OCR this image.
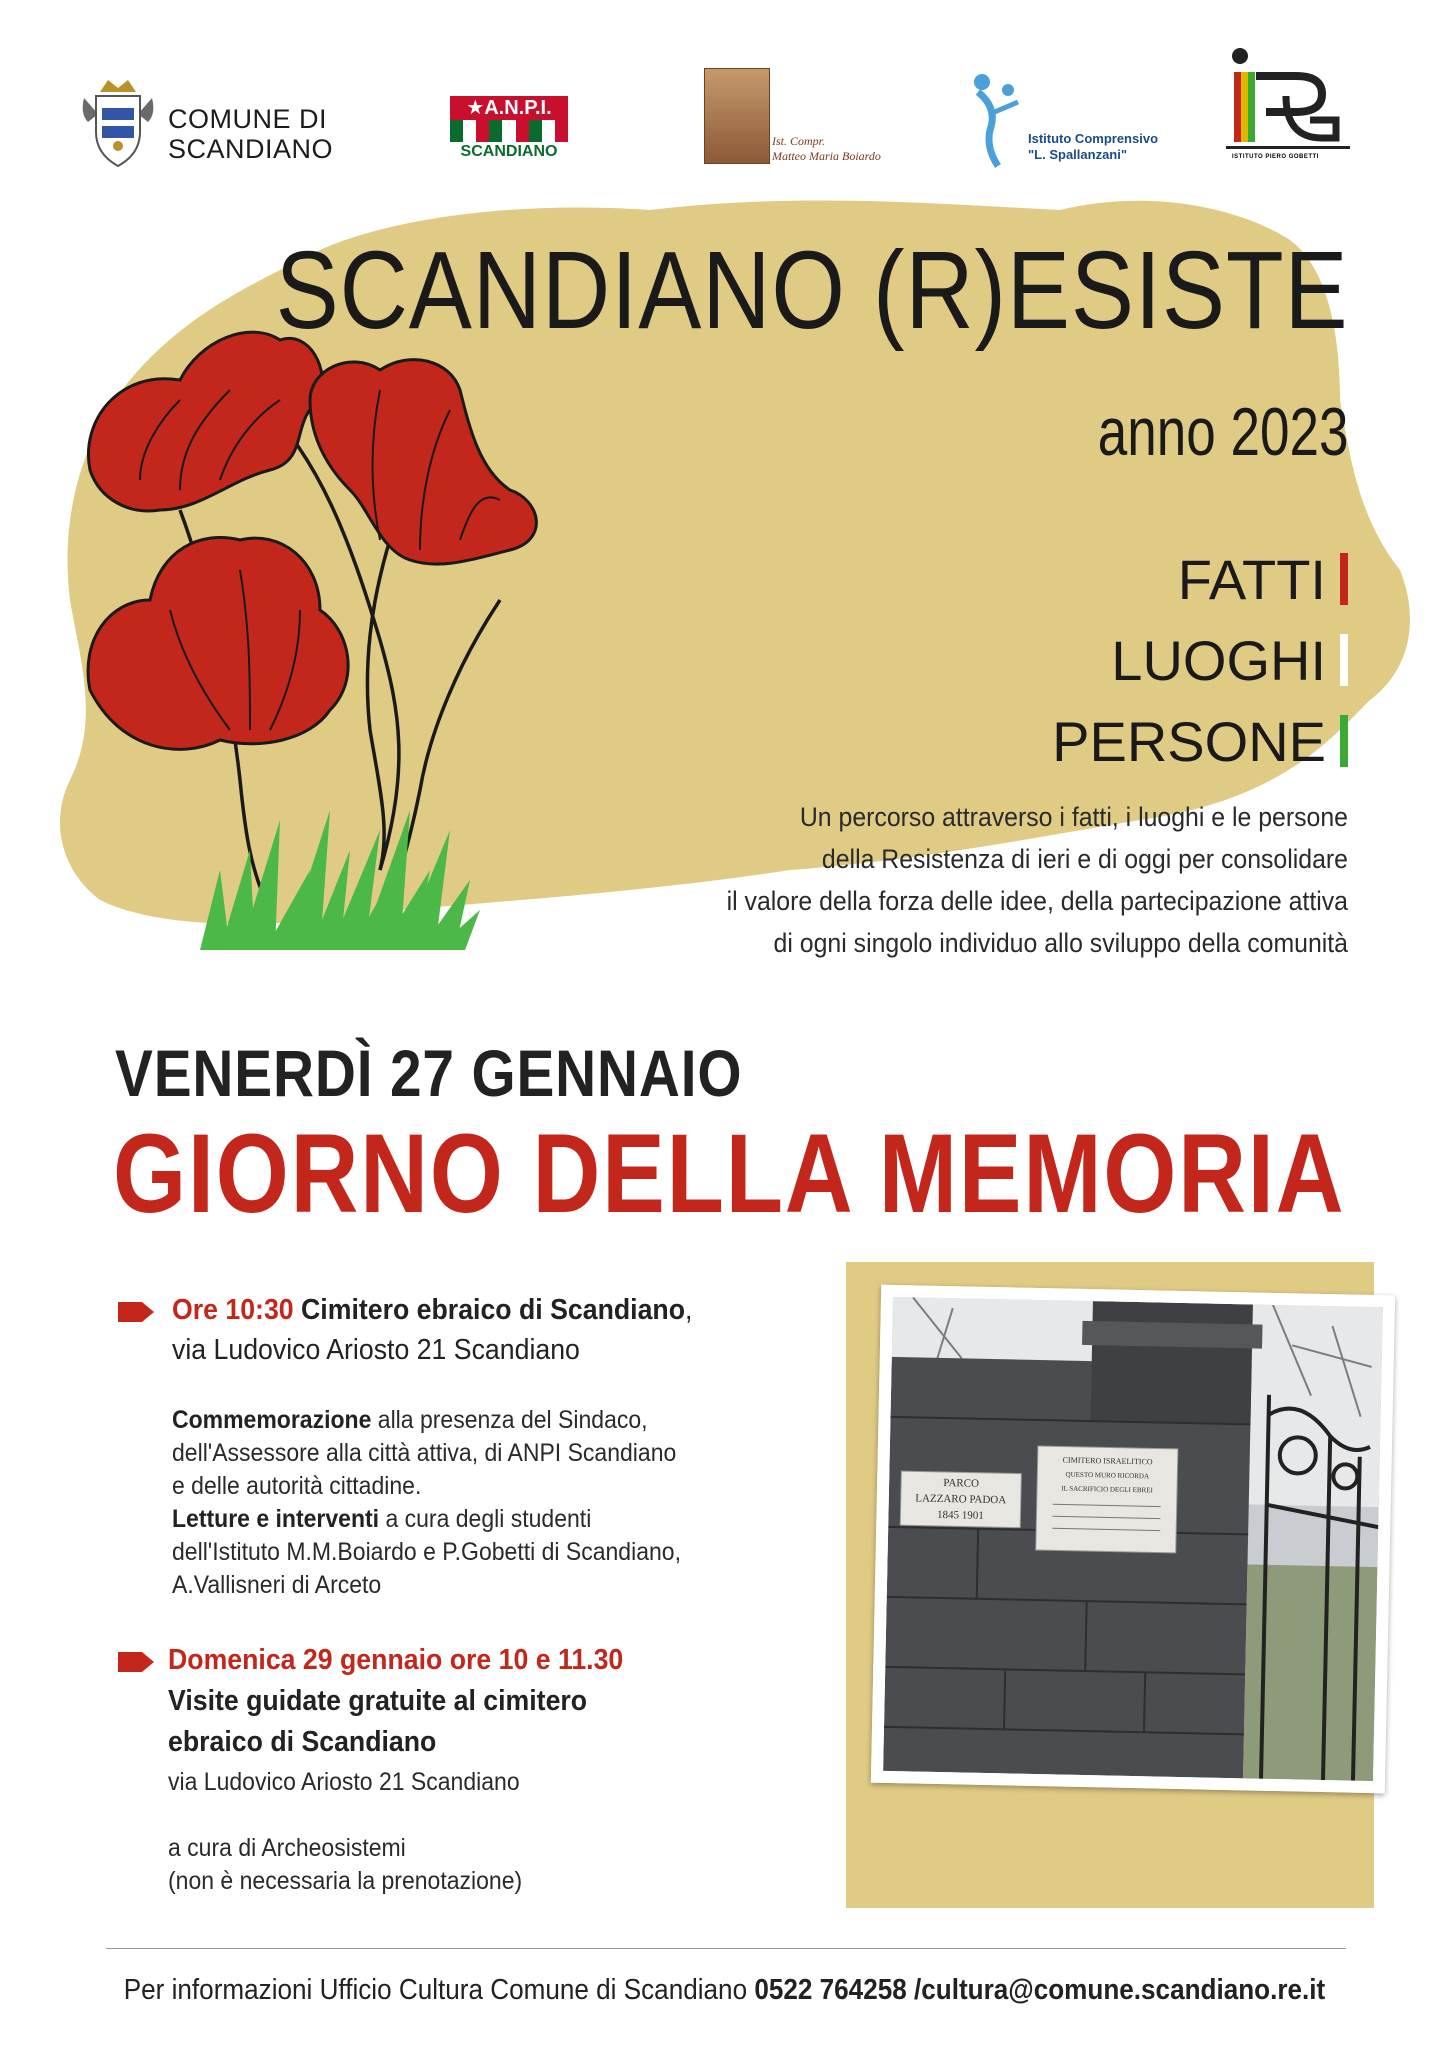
COMUNE DI
SCANDIANO
★A.N.P.I.
SCANDIANO
Ist. Compr.
Matteo Maria Boiardo
Istituto Comprensivo
"L. Spallanzani"	ISTITUTO PIERO GOBETTI
SCANDIANO (R)ESISTE
anno 2023
FATTI
LUOGHI
PERSONE
Un percorso attraverso i fatti, i luoghi e le persone
della Resistenza di ieri e di oggi per consolidare
il valore della forza delle idee, della partecipazione attiva
di ogni singolo individuo allo sviluppo della comunità
VENERDÌ 27 GENNAIO
GIORNO DELLA MEMORIA
Ore 10:30 Cimitero ebraico di Scandiano,
via Ludovico Ariosto 21 Scandiano
Commemorazione alla presenza del Sindaco,
dell'Assessore alla città attiva, di ANPI Scandiano
e delle autorità cittadine.
Letture e interventi a cura degli studenti
dell'Istituto M.M.Boiardo e P.Gobetti di Scandiano,
A.Vallisneri di Arceto
Domenica 29 gennaio ore 10 e 11.30
Visite guidate gratuite al cimitero
ebraico di Scandiano
via Ludovico Ariosto 21 Scandiano
a cura di Archeosistemi
(non è necessaria la prenotazione)
PARCO
LAZZARO PADOA
1845 1901
CIMITERO ISRAELITICO
QUESTO MURO RICORDA
IL SACRIFICIO DEGLI EBREI
Per informazioni Ufficio Cultura Comune di Scandiano 0522 764258 /cultura@comune.scandiano.re.it
